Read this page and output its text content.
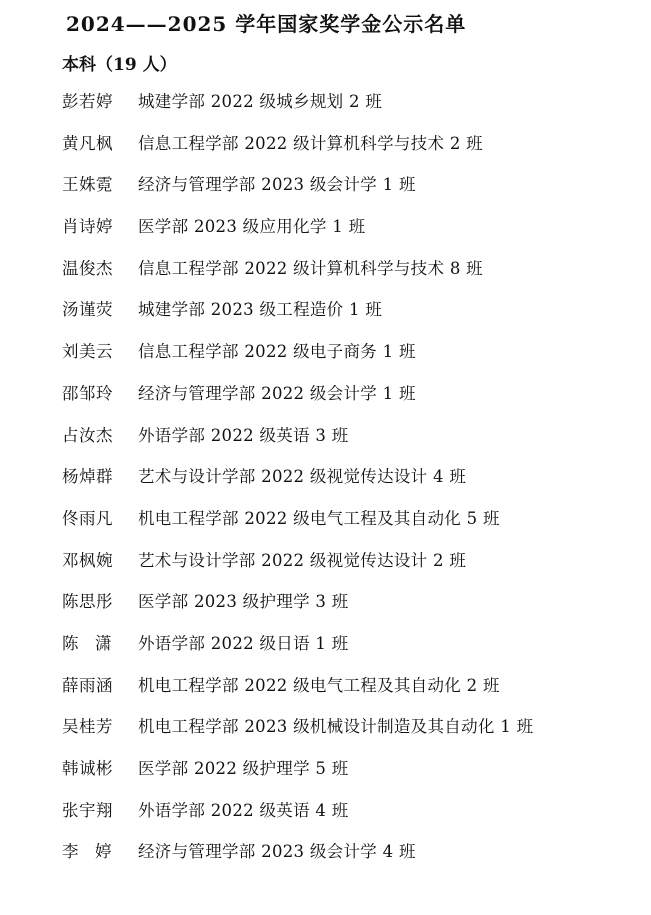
2024——2025 学年国家奖学金公示名单
本科（19 人）
彭若婷	城建学部 2022 级城乡规划 2 班
黄凡枫	信息工程学部 2022 级计算机科学与技术 2 班
王姝霓	经济与管理学部 2023 级会计学 1 班
肖诗婷	医学部 2023 级应用化学 1 班
温俊杰	信息工程学部 2022 级计算机科学与技术 8 班
汤谨荧	城建学部 2023 级工程造价 1 班
刘美云	信息工程学部 2022 级电子商务 1 班
邵邹玲	经济与管理学部 2022 级会计学 1 班
占汝杰	外语学部 2022 级英语 3 班
杨焯群	艺术与设计学部 2022 级视觉传达设计 4 班
佟雨凡	机电工程学部 2022 级电气工程及其自动化 5 班
邓枫婉	艺术与设计学部 2022 级视觉传达设计 2 班
陈思彤	医学部 2023 级护理学 3 班
陈　潇	外语学部 2022 级日语 1 班
薛雨涵	机电工程学部 2022 级电气工程及其自动化 2 班
吴桂芳	机电工程学部 2023 级机械设计制造及其自动化 1 班
韩诚彬	医学部 2022 级护理学 5 班
张宇翔	外语学部 2022 级英语 4 班
李　婷	经济与管理学部 2023 级会计学 4 班
